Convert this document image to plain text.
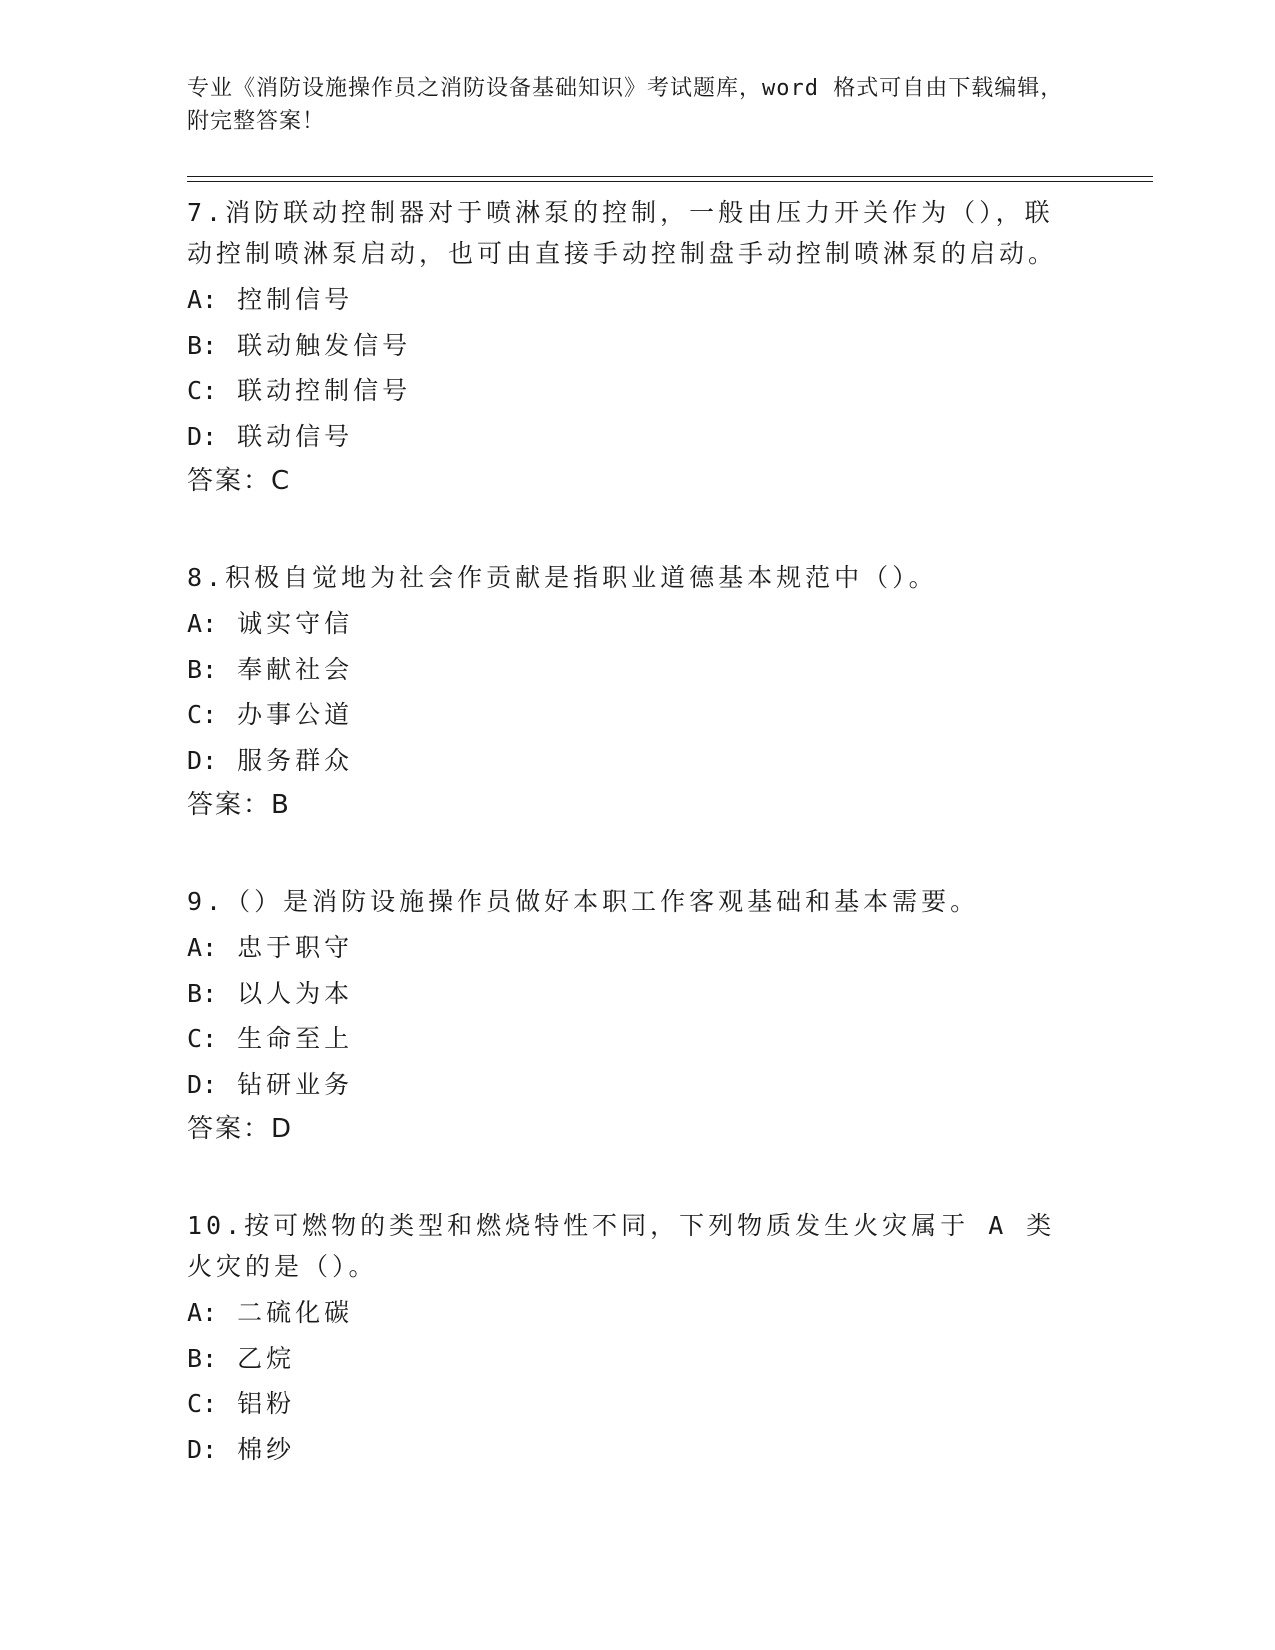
专业《消防设施操作员之消防设备基础知识》考试题库，word 格式可自由下载编辑，附完整答案！
7.消防联动控制器对于喷淋泵的控制，一般由压力开关作为（），联动控制喷淋泵启动，也可由直接手动控制盘手动控制喷淋泵的启动。
A: 控制信号
B: 联动触发信号
C: 联动控制信号
D: 联动信号
答案：C
8.积极自觉地为社会作贡献是指职业道德基本规范中（）。
A: 诚实守信
B: 奉献社会
C: 办事公道
D: 服务群众
答案：B
9.（）是消防设施操作员做好本职工作客观基础和基本需要。
A: 忠于职守
B: 以人为本
C: 生命至上
D: 钻研业务
答案：D
10.按可燃物的类型和燃烧特性不同，下列物质发生火灾属于 A 类火灾的是（）。
A: 二硫化碳
B: 乙烷
C: 铝粉
D: 棉纱
